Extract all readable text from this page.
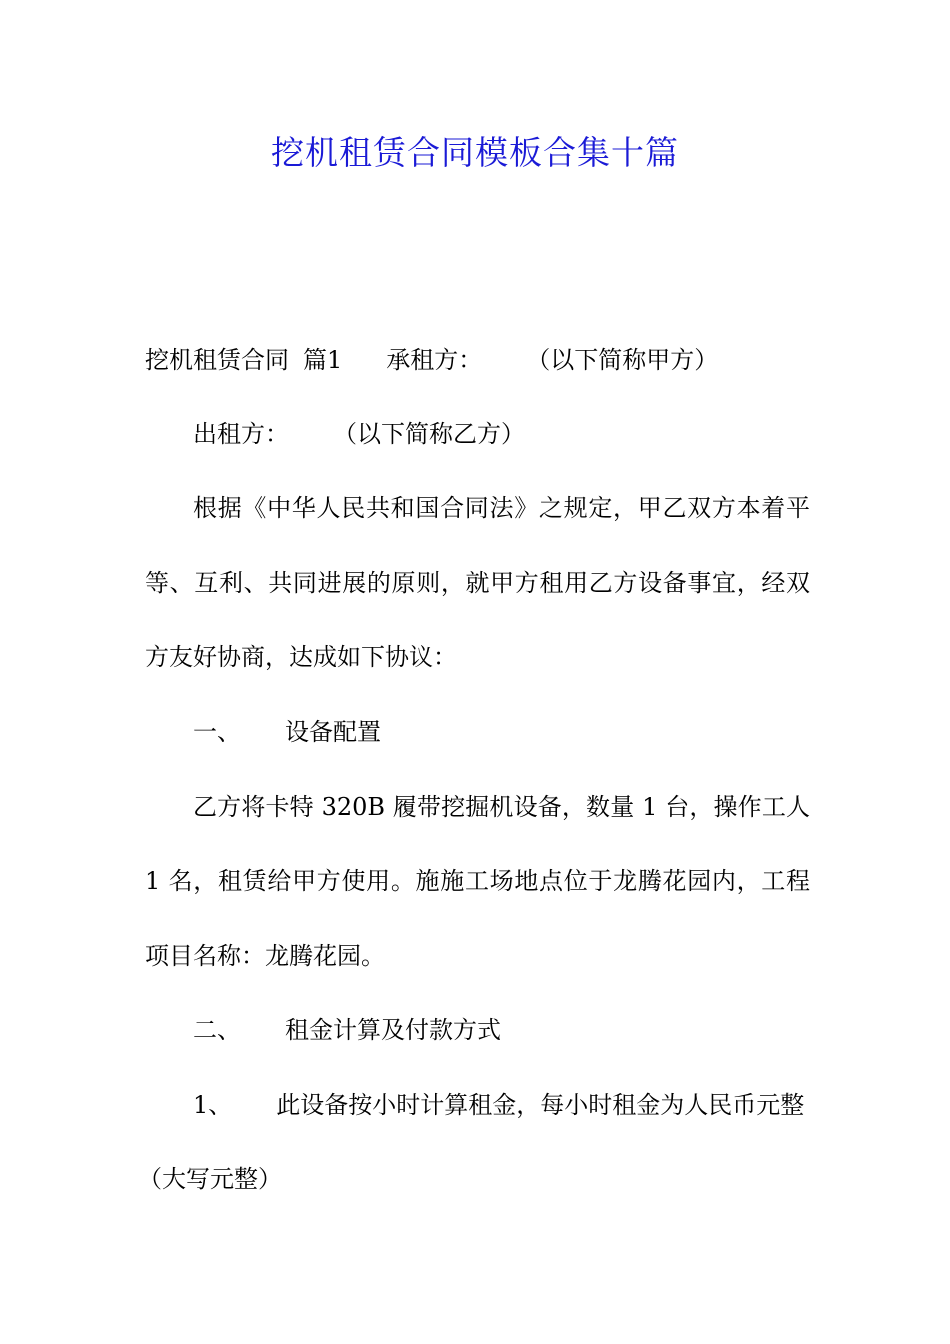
挖机租赁合同模板合集十篇

挖机租赁合同 篇1 承租方： （以下简称甲方）

出租方： （以下简称乙方）

根据《中华人民共和国合同法》之规定，甲乙双方本着平

等、互利、共同进展的原则，就甲方租用乙方设备事宜，经双

方友好协商，达成如下协议：

一、 设备配置

乙方将卡特 320B 履带挖掘机设备，数量 1 台，操作工人

1 名，租赁给甲方使用。施施工场地点位于龙腾花园内，工程

项目名称：龙腾花园。

二、 租金计算及付款方式

1、 此设备按小时计算租金，每小时租金为人民币元整

（大写元整）
